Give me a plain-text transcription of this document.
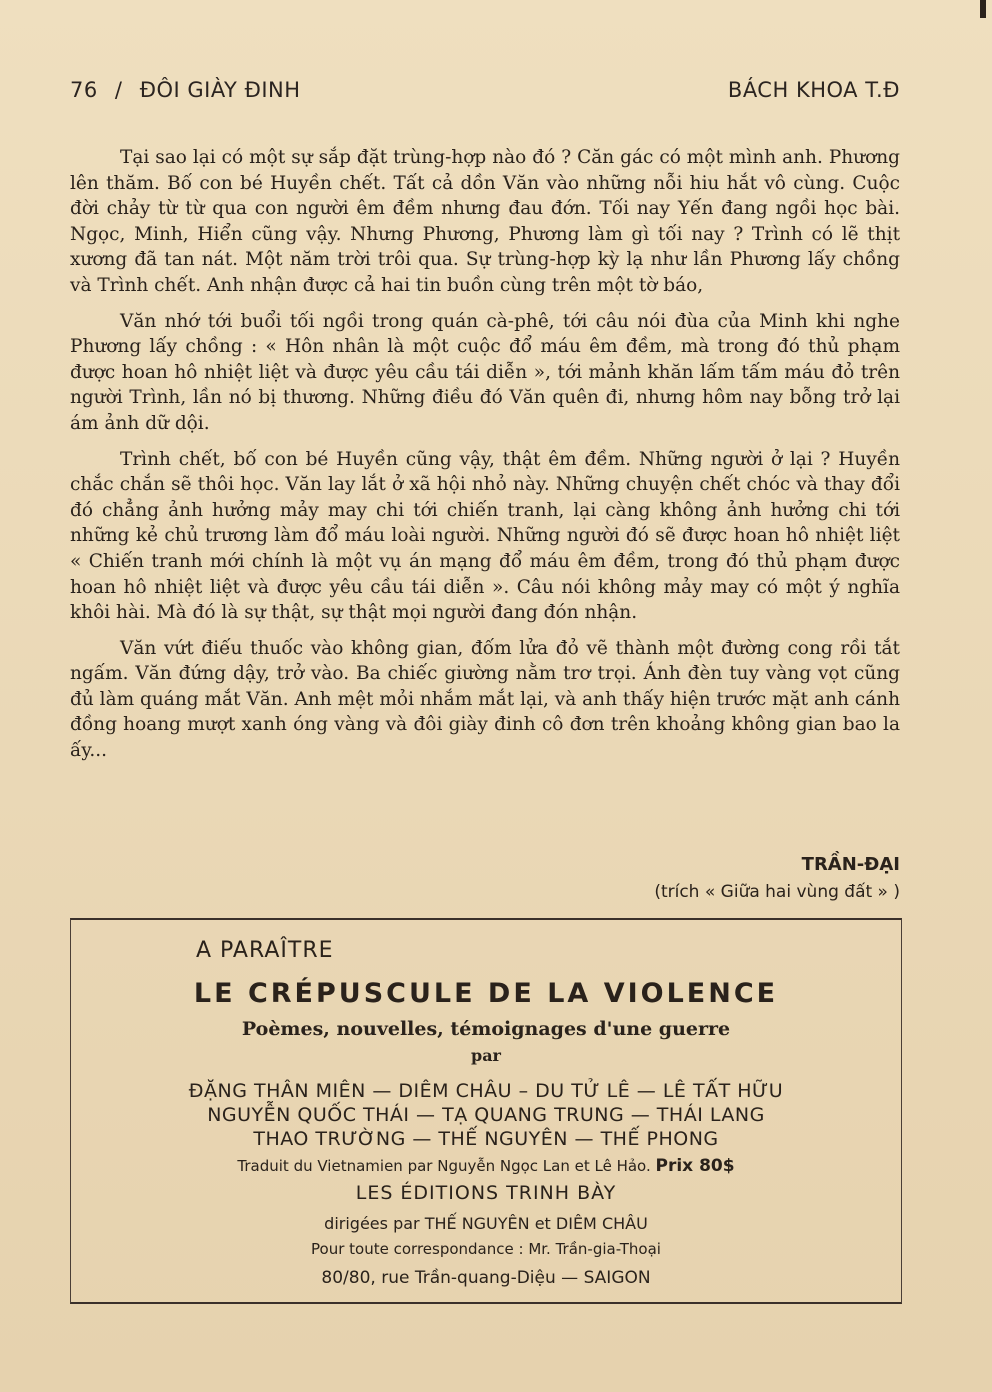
76 / ĐÔI GIÀY ĐINH	BÁCH KHOA T.Đ

Tại sao lại có một sự sắp đặt trùng-hợp nào đó ? Căn gác có một mình anh. Phương lên thăm. Bố con bé Huyền chết. Tất cả dồn Văn vào những nỗi hiu hắt vô cùng. Cuộc đời chảy từ từ qua con người êm đềm nhưng đau đớn. Tối nay Yến đang ngồi học bài. Ngọc, Minh, Hiển cũng vậy. Nhưng Phương, Phương làm gì tối nay ? Trình có lẽ thịt xương đã tan nát. Một năm trời trôi qua. Sự trùng-hợp kỳ lạ như lần Phương lấy chồng và Trình chết. Anh nhận được cả hai tin buồn cùng trên một tờ báo,

Văn nhớ tới buổi tối ngồi trong quán cà-phê, tới câu nói đùa của Minh khi nghe Phương lấy chồng : « Hôn nhân là một cuộc đổ máu êm đềm, mà trong đó thủ phạm được hoan hô nhiệt liệt và được yêu cầu tái diễn », tới mảnh khăn lấm tấm máu đỏ trên người Trình, lần nó bị thương. Những điều đó Văn quên đi, nhưng hôm nay bỗng trở lại ám ảnh dữ dội.

Trình chết, bố con bé Huyền cũng vậy, thật êm đềm. Những người ở lại ? Huyền chắc chắn sẽ thôi học. Văn lay lắt ở xã hội nhỏ này. Những chuyện chết chóc và thay đổi đó chẳng ảnh hưởng mảy may chi tới chiến tranh, lại càng không ảnh hưởng chi tới những kẻ chủ trương làm đổ máu loài người. Những người đó sẽ được hoan hô nhiệt liệt « Chiến tranh mới chính là một vụ án mạng đổ máu êm đềm, trong đó thủ phạm được hoan hô nhiệt liệt và được yêu cầu tái diễn ». Câu nói không mảy may có một ý nghĩa khôi hài. Mà đó là sự thật, sự thật mọi người đang đón nhận.

Văn vứt điếu thuốc vào không gian, đốm lửa đỏ vẽ thành một đường cong rồi tắt ngấm. Văn đứng dậy, trở vào. Ba chiếc giường nằm trơ trọi. Ánh đèn tuy vàng vọt cũng đủ làm quáng mắt Văn. Anh mệt mỏi nhắm mắt lại, và anh thấy hiện trước mặt anh cánh đồng hoang mượt xanh óng vàng và đôi giày đinh cô đơn trên khoảng không gian bao la ấy...

TRẦN-ĐẠI
(trích « Giữa hai vùng đất » )
A PARAÎTRE
LE CRÉPUSCULE DE LA VIOLENCE
Poèmes, nouvelles, témoignages d'une guerre
par
ĐẶNG THÂN MIÊN — DIÊM CHÂU – DU TỬ LÊ — LÊ TẤT HỮU
NGUYỄN QUỐC THÁI — TẠ QUANG TRUNG — THÁI LANG
THAO TRƯỜNG — THẾ NGUYÊN — THẾ PHONG
Traduit du Vietnamien par Nguyễn Ngọc Lan et Lê Hảo. Prix 80$
LES ÉDITIONS TRINH BÀY
dirigées par THẾ NGUYÊN et DIÊM CHÂU
Pour toute correspondance : Mr. Trần-gia-Thoại
80/80, rue Trần-quang-Diệu — SAIGON
